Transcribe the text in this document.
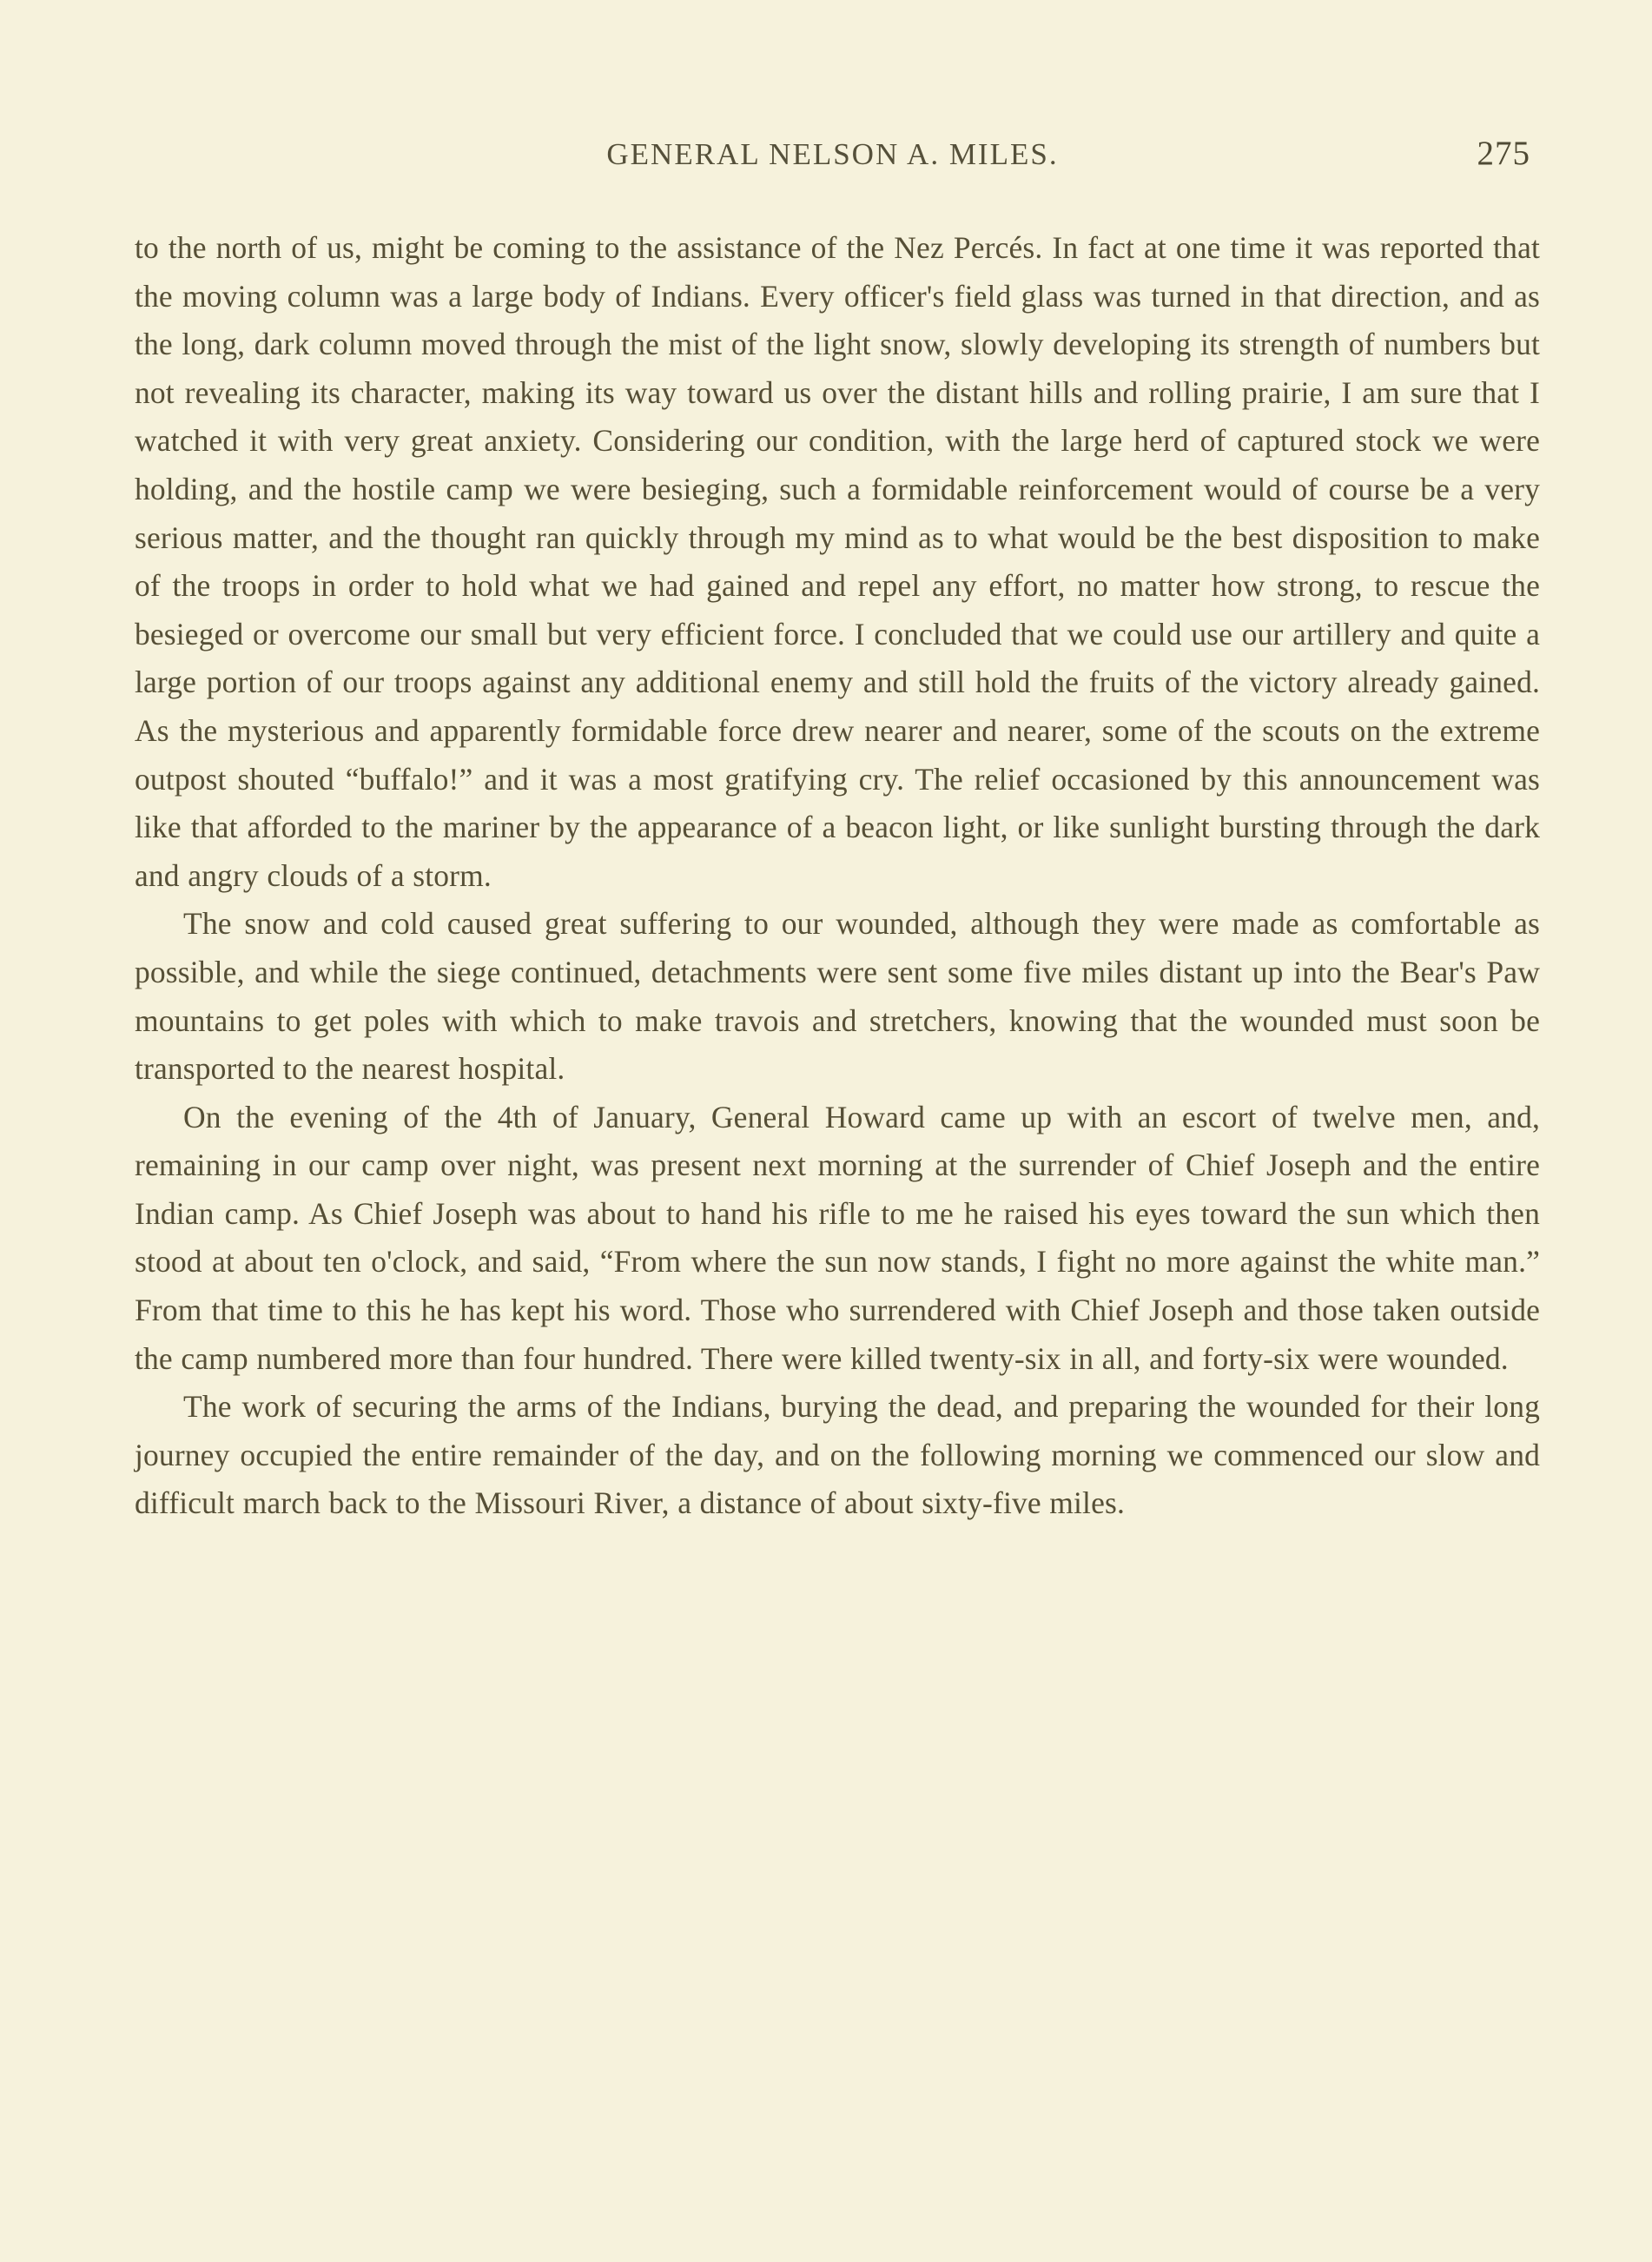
GENERAL NELSON A. MILES.	275

to the north of us, might be coming to the assistance of the Nez Percés. In fact at one time it was reported that the moving column was a large body of Indians. Every officer's field glass was turned in that direction, and as the long, dark column moved through the mist of the light snow, slowly developing its strength of numbers but not revealing its character, making its way toward us over the distant hills and rolling prairie, I am sure that I watched it with very great anxiety. Considering our condition, with the large herd of captured stock we were holding, and the hostile camp we were besieging, such a formidable reinforcement would of course be a very serious matter, and the thought ran quickly through my mind as to what would be the best disposition to make of the troops in order to hold what we had gained and repel any effort, no matter how strong, to rescue the besieged or overcome our small but very efficient force. I concluded that we could use our artillery and quite a large portion of our troops against any additional enemy and still hold the fruits of the victory already gained. As the mysterious and apparently formidable force drew nearer and nearer, some of the scouts on the extreme outpost shouted “buffalo!” and it was a most gratifying cry. The relief occasioned by this announcement was like that afforded to the mariner by the appearance of a beacon light, or like sunlight bursting through the dark and angry clouds of a storm.

The snow and cold caused great suffering to our wounded, although they were made as comfortable as possible, and while the siege continued, detachments were sent some five miles distant up into the Bear's Paw mountains to get poles with which to make travois and stretchers, knowing that the wounded must soon be transported to the nearest hospital.

On the evening of the 4th of January, General Howard came up with an escort of twelve men, and, remaining in our camp over night, was present next morning at the surrender of Chief Joseph and the entire Indian camp. As Chief Joseph was about to hand his rifle to me he raised his eyes toward the sun which then stood at about ten o'clock, and said, “From where the sun now stands, I fight no more against the white man.” From that time to this he has kept his word. Those who surrendered with Chief Joseph and those taken outside the camp numbered more than four hundred. There were killed twenty-six in all, and forty-six were wounded.

The work of securing the arms of the Indians, burying the dead, and preparing the wounded for their long journey occupied the entire remainder of the day, and on the following morning we commenced our slow and difficult march back to the Missouri River, a distance of about sixty-five miles.
